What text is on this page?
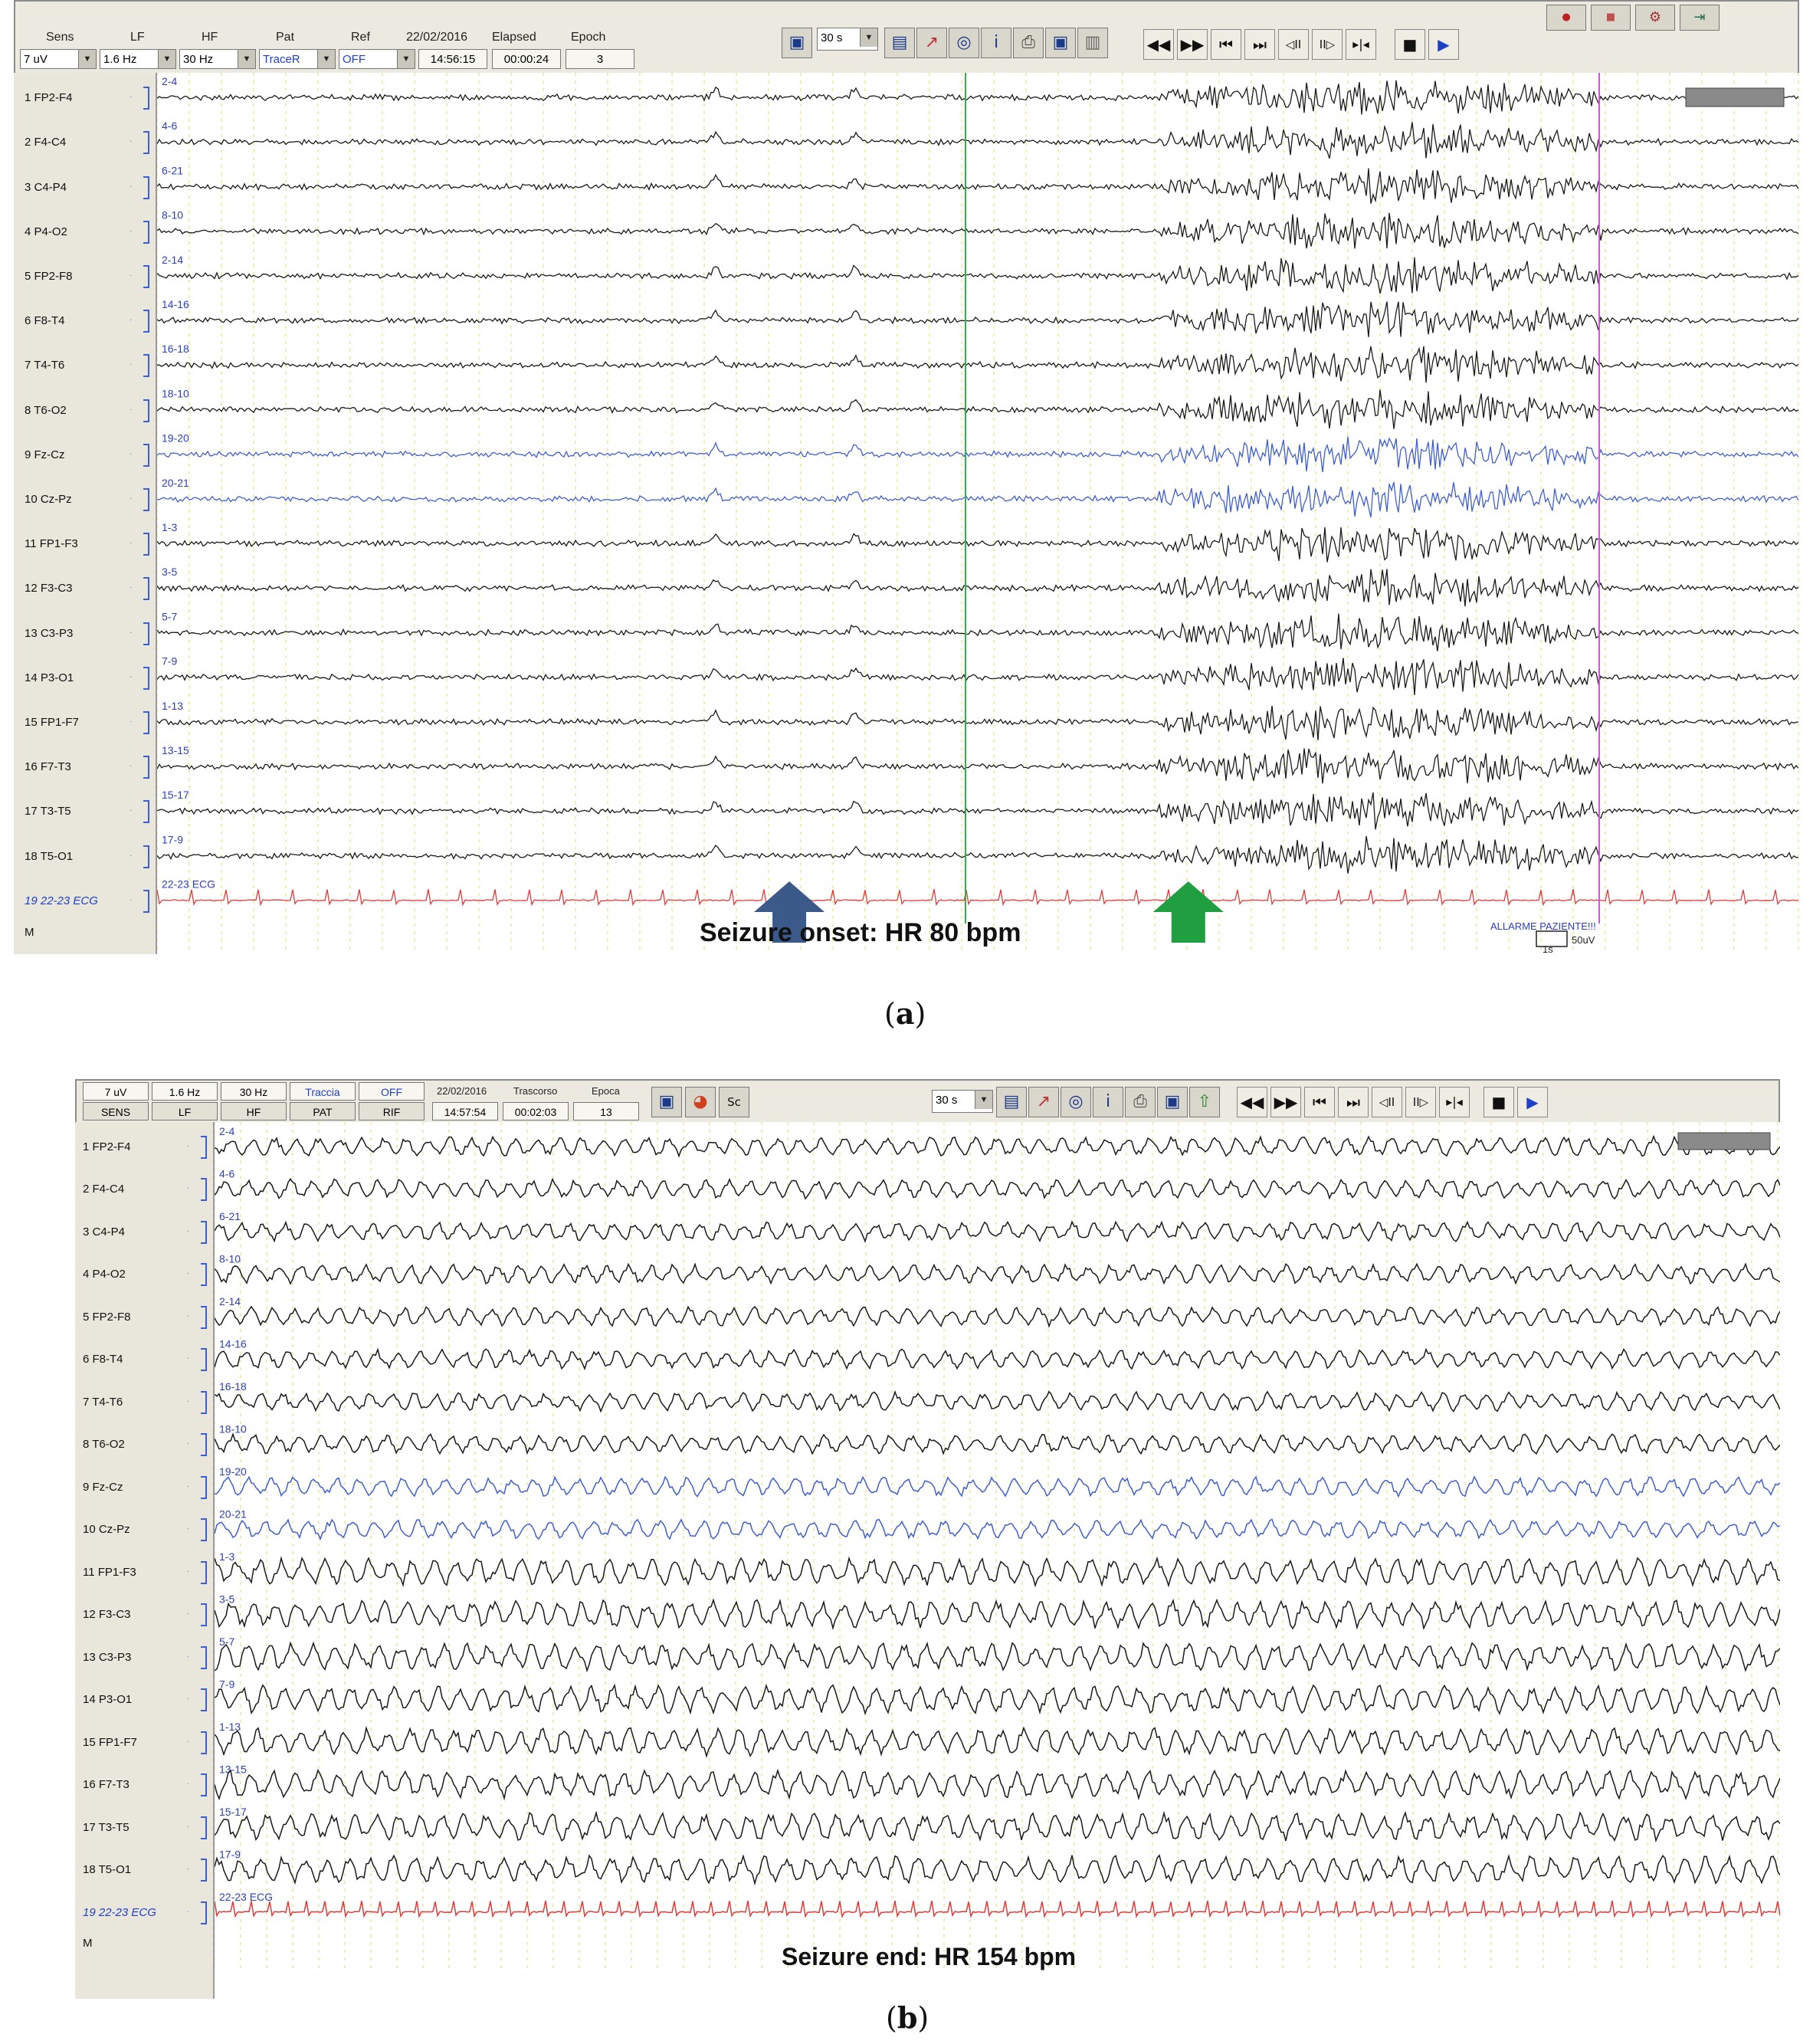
Sens	LF	HF	Pat	Ref	22/02/2016 Elapsed	Epoch
7 uV	▼	1.6 Hz	▼	30 Hz	▼	TraceR	▼	OFF	▼	14:56:15	00:00:24	3
▣	30 s	▼	▤	↗	◎	ⅰ	⎙	▣ ▥	◀◀ ▶▶ ⏮	⏭	◁II	II▷	▸|◂	■	▶
●	■	⚙	⇥
1 FP2-F4	·
2 F4-C4	·
3 C4-P4	·
4 P4-O2	·
5 FP2-F8	·
6 F8-T4	·
7 T4-T6	·
8 T6-O2	·
9 Fz-Cz	·
10 Cz-Pz	·
11 FP1-F3	·
12 F3-C3	·
13 C3-P3	·
14 P3-O1	·
15 FP1-F7	·
16 F7-T3	·
17 T3-T5	·
18 T5-O1	·
19 22-23 ECG	·
M
2-4
4-6
6-21
8-10
2-14
14-16
16-18
18-10
19-20
20-21
1-3
3-5
5-7
7-9
1-13
13-15
15-17
17-9
22-23 ECG
ALLARME PAZIENTE!!!
1s
50uV
Seizure onset: HR 80 bpm
(a)
7 uV	1.6 Hz	30 Hz	Traccia	OFF	22/02/2016	Trascorso	Epoca
SENS	LF	HF	PAT	RIF	14:57:54	00:02:03	13
▣	◕	Sc	30 s	▼ ▤	↗	◎	ⅰ	⎙	▣	⇧	◀◀ ▶▶ ⏮	⏭	◁II	II▷	▸|◂	■	▶
1 FP2-F4	·
2 F4-C4	·
3 C4-P4	·
4 P4-O2	·
5 FP2-F8	·
6 F8-T4	·
7 T4-T6	·
8 T6-O2	·
9 Fz-Cz	·
10 Cz-Pz	·
11 FP1-F3	·
12 F3-C3	·
13 C3-P3	·
14 P3-O1	·
15 FP1-F7	·
16 F7-T3	·
17 T3-T5	·
18 T5-O1	·
19 22-23 ECG	·
M
2-4
4-6
6-21
8-10
2-14
14-16
16-18
18-10
19-20
20-21
1-3
3-5
5-7
7-9
1-13
13-15
15-17
17-9
22-23 ECG
Seizure end: HR 154 bpm
(b)
